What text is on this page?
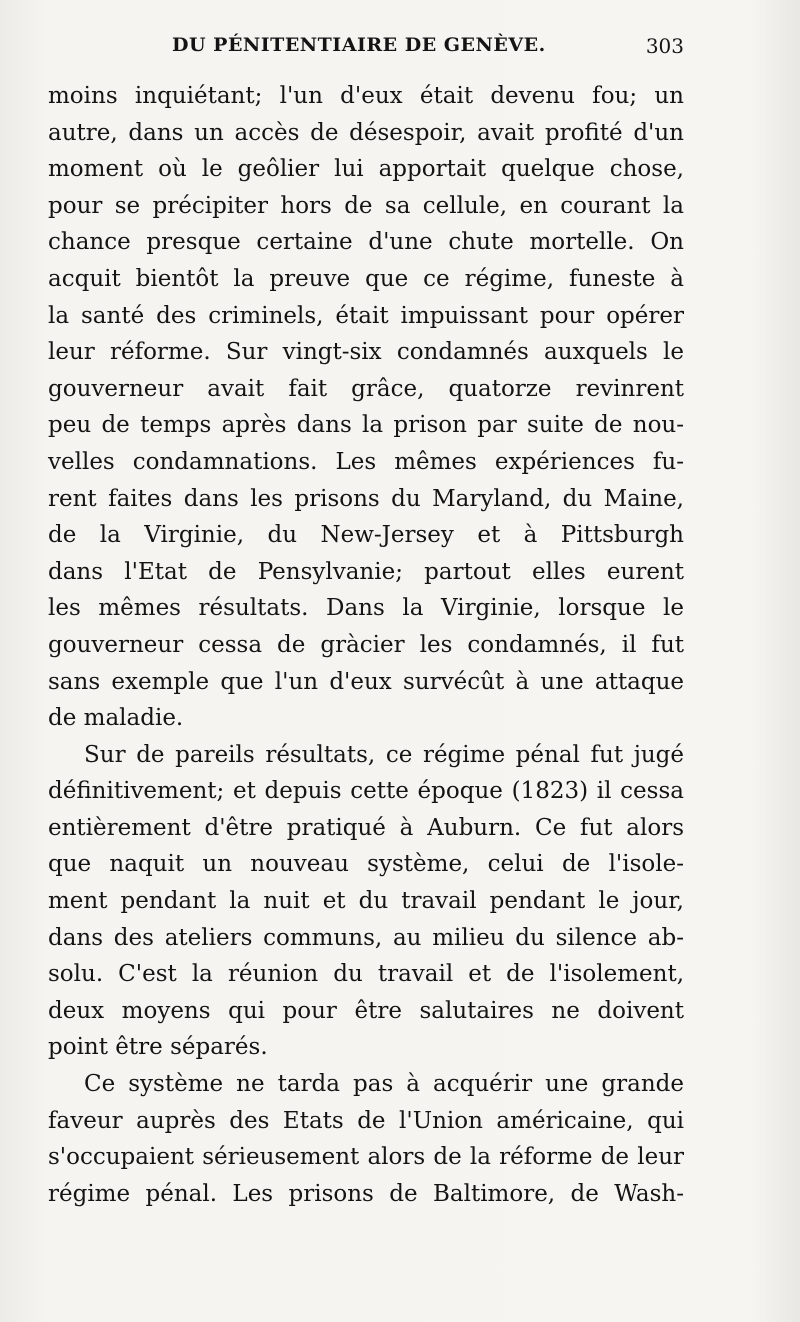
DU PÉNITENTIAIRE DE GENÈVE.	303
moins inquiétant; l'un d'eux était devenu fou; un
autre, dans un accès de désespoir, avait profité d'un
moment où le geôlier lui apportait quelque chose,
pour se précipiter hors de sa cellule, en courant la
chance presque certaine d'une chute mortelle. On
acquit bientôt la preuve que ce régime, funeste à
la santé des criminels, était impuissant pour opérer
leur réforme. Sur vingt-six condamnés auxquels le
gouverneur avait fait grâce, quatorze revinrent
peu de temps après dans la prison par suite de nou-
velles condamnations. Les mêmes expériences fu-
rent faites dans les prisons du Maryland, du Maine,
de la Virginie, du New-Jersey et à Pittsburgh
dans l'Etat de Pensylvanie; partout elles eurent
les mêmes résultats. Dans la Virginie, lorsque le
gouverneur cessa de gràcier les condamnés, il fut
sans exemple que l'un d'eux survécût à une attaque
de maladie.
Sur de pareils résultats, ce régime pénal fut jugé
définitivement; et depuis cette époque (1823) il cessa
entièrement d'être pratiqué à Auburn. Ce fut alors
que naquit un nouveau système, celui de l'isole-
ment pendant la nuit et du travail pendant le jour,
dans des ateliers communs, au milieu du silence ab-
solu. C'est la réunion du travail et de l'isolement,
deux moyens qui pour être salutaires ne doivent
point être séparés.
Ce système ne tarda pas à acquérir une grande
faveur auprès des Etats de l'Union américaine, qui
s'occupaient sérieusement alors de la réforme de leur
régime pénal. Les prisons de Baltimore, de Wash-
